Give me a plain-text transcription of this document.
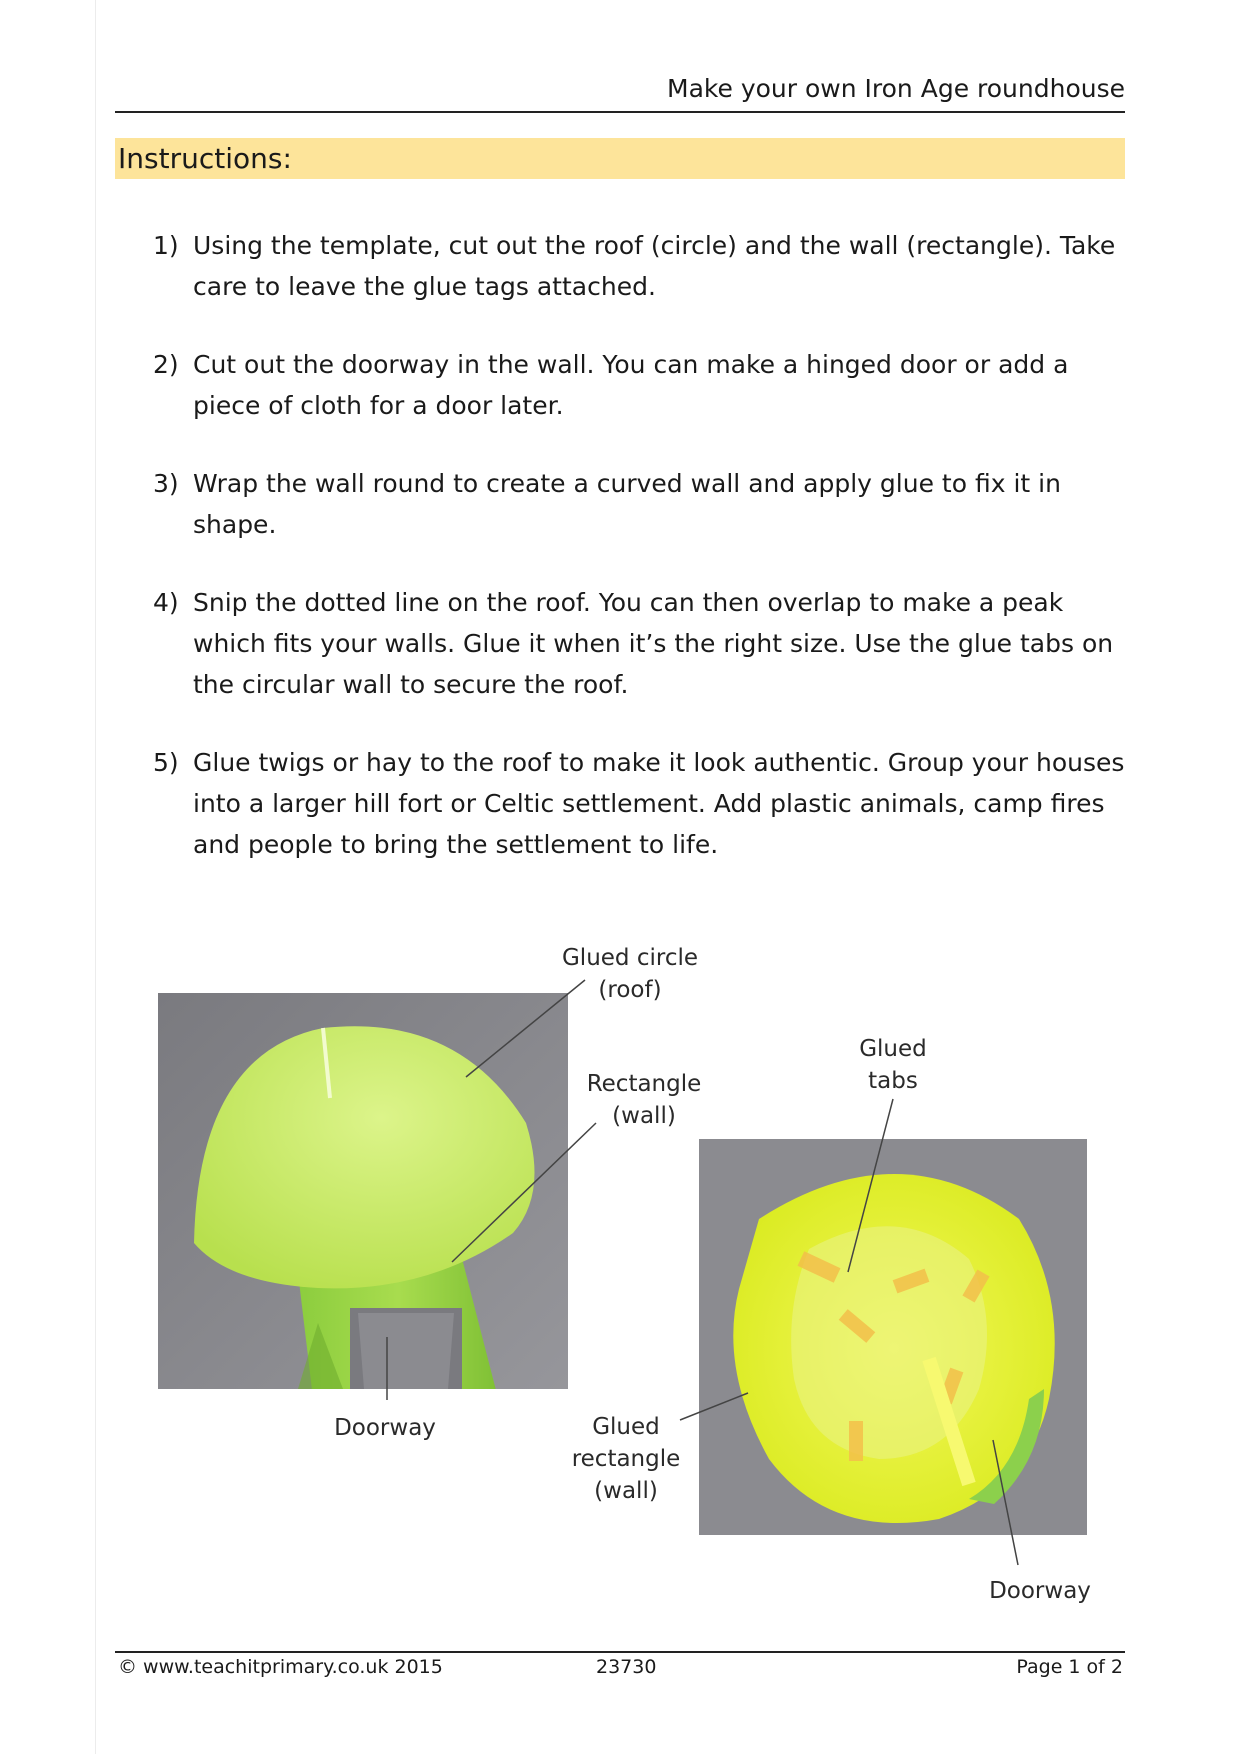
Make your own Iron Age roundhouse
Instructions:
1) Using the template, cut out the roof (circle) and the wall (rectangle). Take care to leave the glue tags attached.
2) Cut out the doorway in the wall. You can make a hinged door or add a piece of cloth for a door later.
3) Wrap the wall round to create a curved wall and apply glue to fix it in shape.
4) Snip the dotted line on the roof. You can then overlap to make a peak which fits your walls. Glue it when it’s the right size. Use the glue tabs on the circular wall to secure the roof.
5) Glue twigs or hay to the roof to make it look authentic. Group your houses into a larger hill fort or Celtic settlement. Add plastic animals, camp fires and people to bring the settlement to life.
Glued circle
(roof)
Rectangle
(wall)
Doorway
Glued
tabs
Glued
rectangle
(wall)
Doorway
© www.teachitprimary.co.uk 2015	23730	Page 1 of 2
